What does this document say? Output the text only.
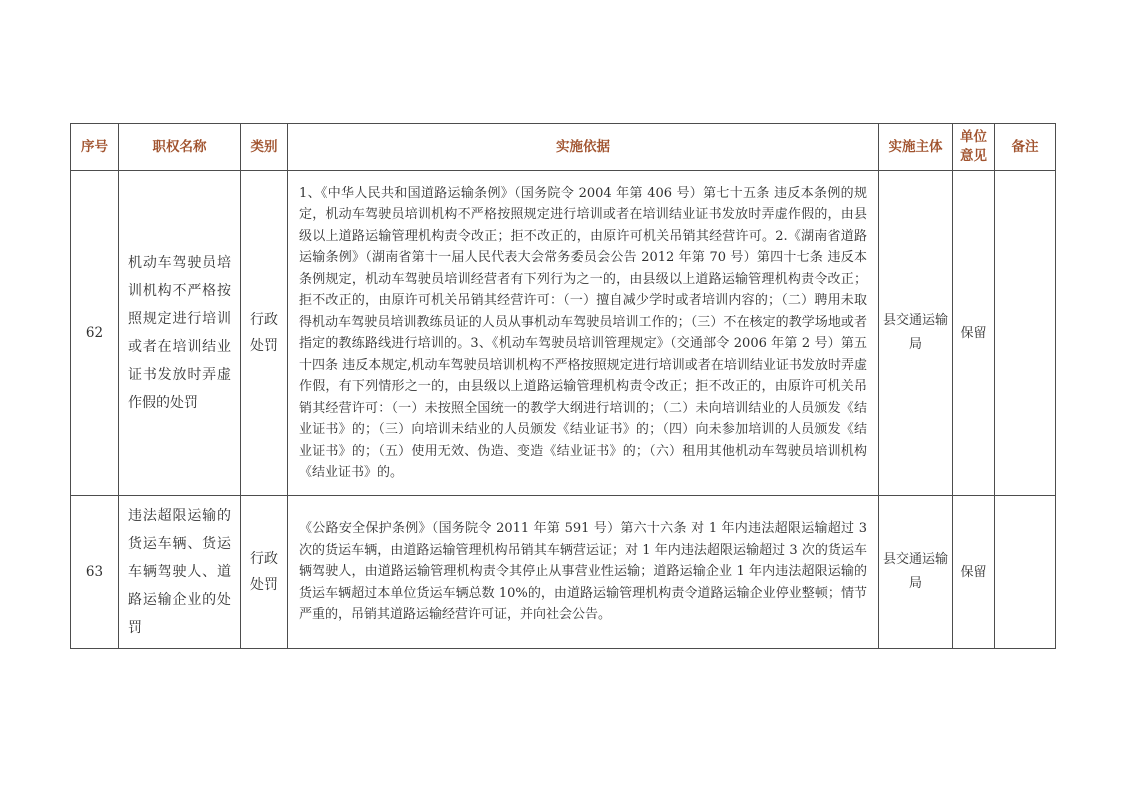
序号	职权名称	类别	实施依据	实施主体	单位意见	备注
62	机动车驾驶员培训机构不严格按照规定进行培训或者在培训结业证书发放时弄虚作假的处罚	行政处罚	1、《中华人民共和国道路运输条例》（国务院令 2004 年第 406 号）第七十五条 违反本条例的规定，机动车驾驶员培训机构不严格按照规定进行培训或者在培训结业证书发放时弄虚作假的，由县级以上道路运输管理机构责令改正；拒不改正的，由原许可机关吊销其经营许可。2.《湖南省道路运输条例》（湖南省第十一届人民代表大会常务委员会公告 2012 年第 70 号）第四十七条 违反本条例规定，机动车驾驶员培训经营者有下列行为之一的，由县级以上道路运输管理机构责令改正；拒不改正的，由原许可机关吊销其经营许可：（一）擅自减少学时或者培训内容的；（二）聘用未取得机动车驾驶员培训教练员证的人员从事机动车驾驶员培训工作的；（三）不在核定的教学场地或者指定的教练路线进行培训的。3、《机动车驾驶员培训管理规定》（交通部令 2006 年第 2 号）第五十四条 违反本规定,机动车驾驶员培训机构不严格按照规定进行培训或者在培训结业证书发放时弄虚作假，有下列情形之一的，由县级以上道路运输管理机构责令改正；拒不改正的，由原许可机关吊销其经营许可：（一）未按照全国统一的教学大纲进行培训的；（二）未向培训结业的人员颁发《结业证书》的；（三）向培训未结业的人员颁发《结业证书》的；（四）向未参加培训的人员颁发《结业证书》的；（五）使用无效、伪造、变造《结业证书》的；（六）租用其他机动车驾驶员培训机构《结业证书》的。	县交通运输局	保留	
63	违法超限运输的货运车辆、货运车辆驾驶人、道路运输企业的处罚	行政处罚	《公路安全保护条例》（国务院令 2011 年第 591 号）第六十六条 对 1 年内违法超限运输超过 3 次的货运车辆，由道路运输管理机构吊销其车辆营运证；对 1 年内违法超限运输超过 3 次的货运车辆驾驶人，由道路运输管理机构责令其停止从事营业性运输；道路运输企业 1 年内违法超限运输的货运车辆超过本单位货运车辆总数 10%的，由道路运输管理机构责令道路运输企业停业整顿；情节严重的，吊销其道路运输经营许可证，并向社会公告。	县交通运输局	保留	
